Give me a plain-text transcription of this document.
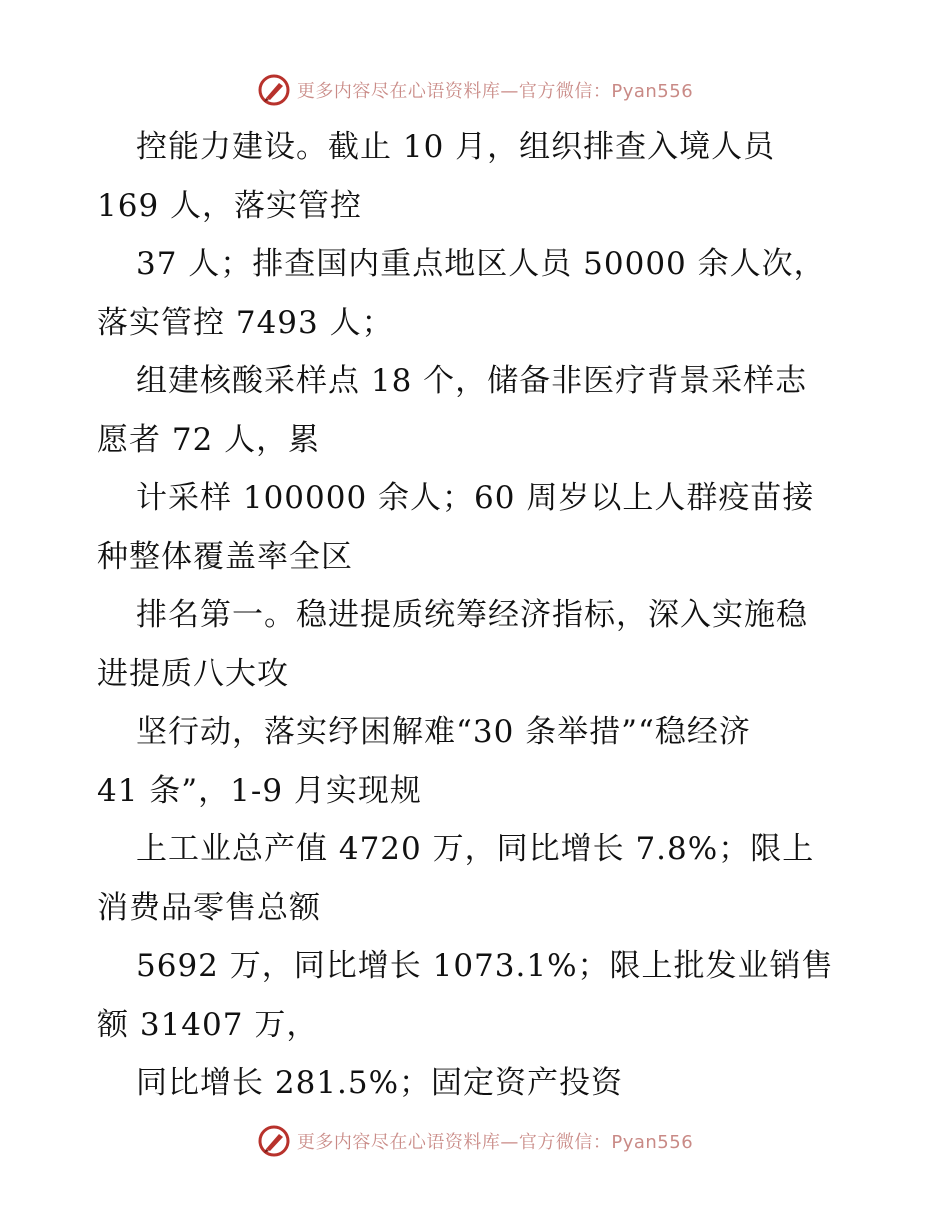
更多内容尽在心语资料库—官方微信：Pyan556
控能力建设。截止 10 月，组织排查入境人员
169 人，落实管控
37 人；排查国内重点地区人员 50000 余人次，
落实管控 7493 人；
组建核酸采样点 18 个，储备非医疗背景采样志
愿者 72 人，累
计采样 100000 余人；60 周岁以上人群疫苗接
种整体覆盖率全区
排名第一。稳进提质统筹经济指标，深入实施稳
进提质八大攻
坚行动，落实纾困解难“30 条举措”“稳经济
41 条”，1-9 月实现规
上工业总产值 4720 万，同比增长 7.8%；限上
消费品零售总额
5692 万，同比增长 1073.1%；限上批发业销售
额 31407 万，
同比增长 281.5%；固定资产投资
更多内容尽在心语资料库—官方微信：Pyan556
